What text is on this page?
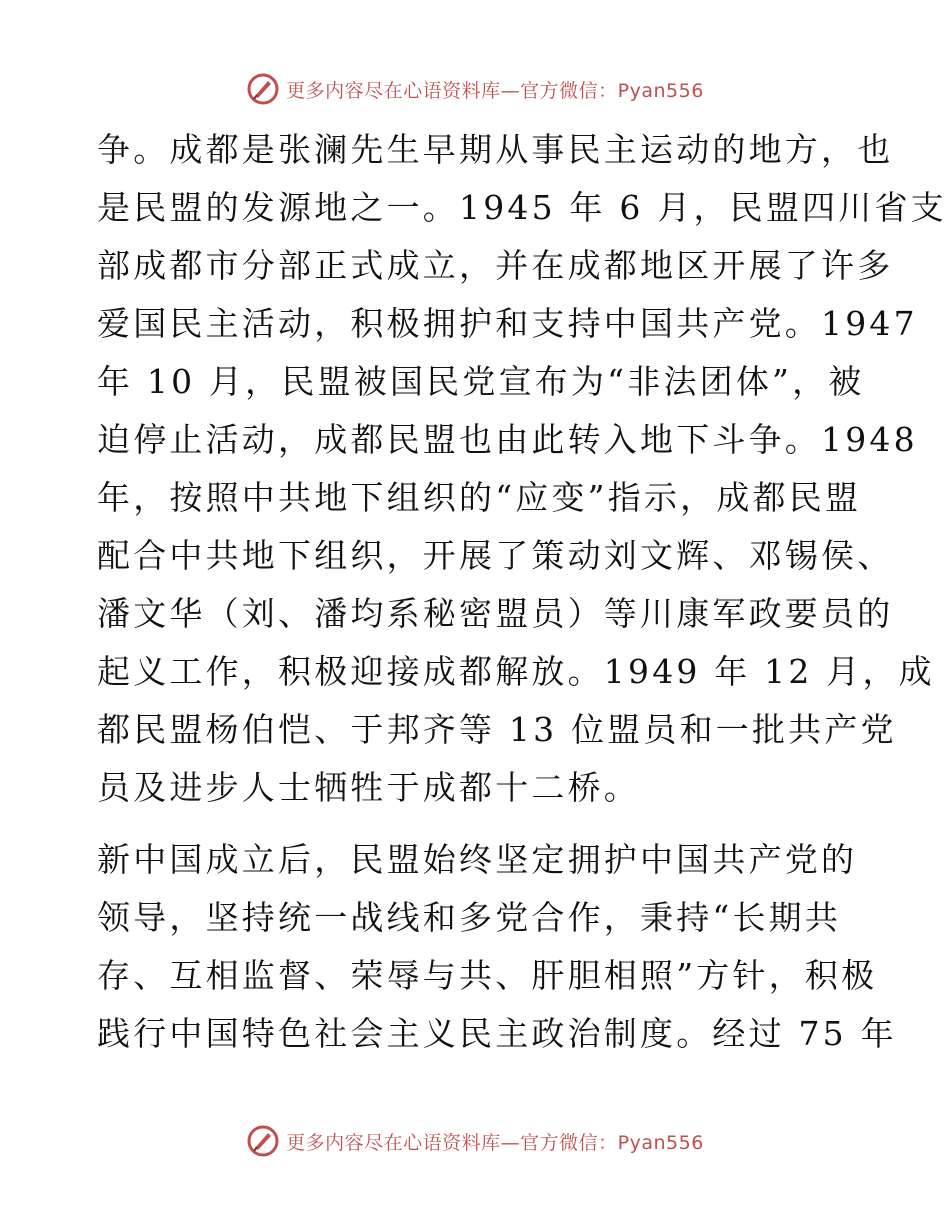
更多内容尽在心语资料库—官方微信：Pyan556
争。成都是张澜先生早期从事民主运动的地方，也
是民盟的发源地之一。1945 年 6 月，民盟四川省支
部成都市分部正式成立，并在成都地区开展了许多
爱国民主活动，积极拥护和支持中国共产党。1947
年 10 月，民盟被国民党宣布为“非法团体”，被
迫停止活动，成都民盟也由此转入地下斗争。1948
年，按照中共地下组织的“应变”指示，成都民盟
配合中共地下组织，开展了策动刘文辉、邓锡侯、
潘文华（刘、潘均系秘密盟员）等川康军政要员的
起义工作，积极迎接成都解放。1949 年 12 月，成
都民盟杨伯恺、于邦齐等 13 位盟员和一批共产党
员及进步人士牺牲于成都十二桥。
新中国成立后，民盟始终坚定拥护中国共产党的
领导，坚持统一战线和多党合作，秉持“长期共
存、互相监督、荣辱与共、肝胆相照”方针，积极
践行中国特色社会主义民主政治制度。经过 75 年
更多内容尽在心语资料库—官方微信：Pyan556
